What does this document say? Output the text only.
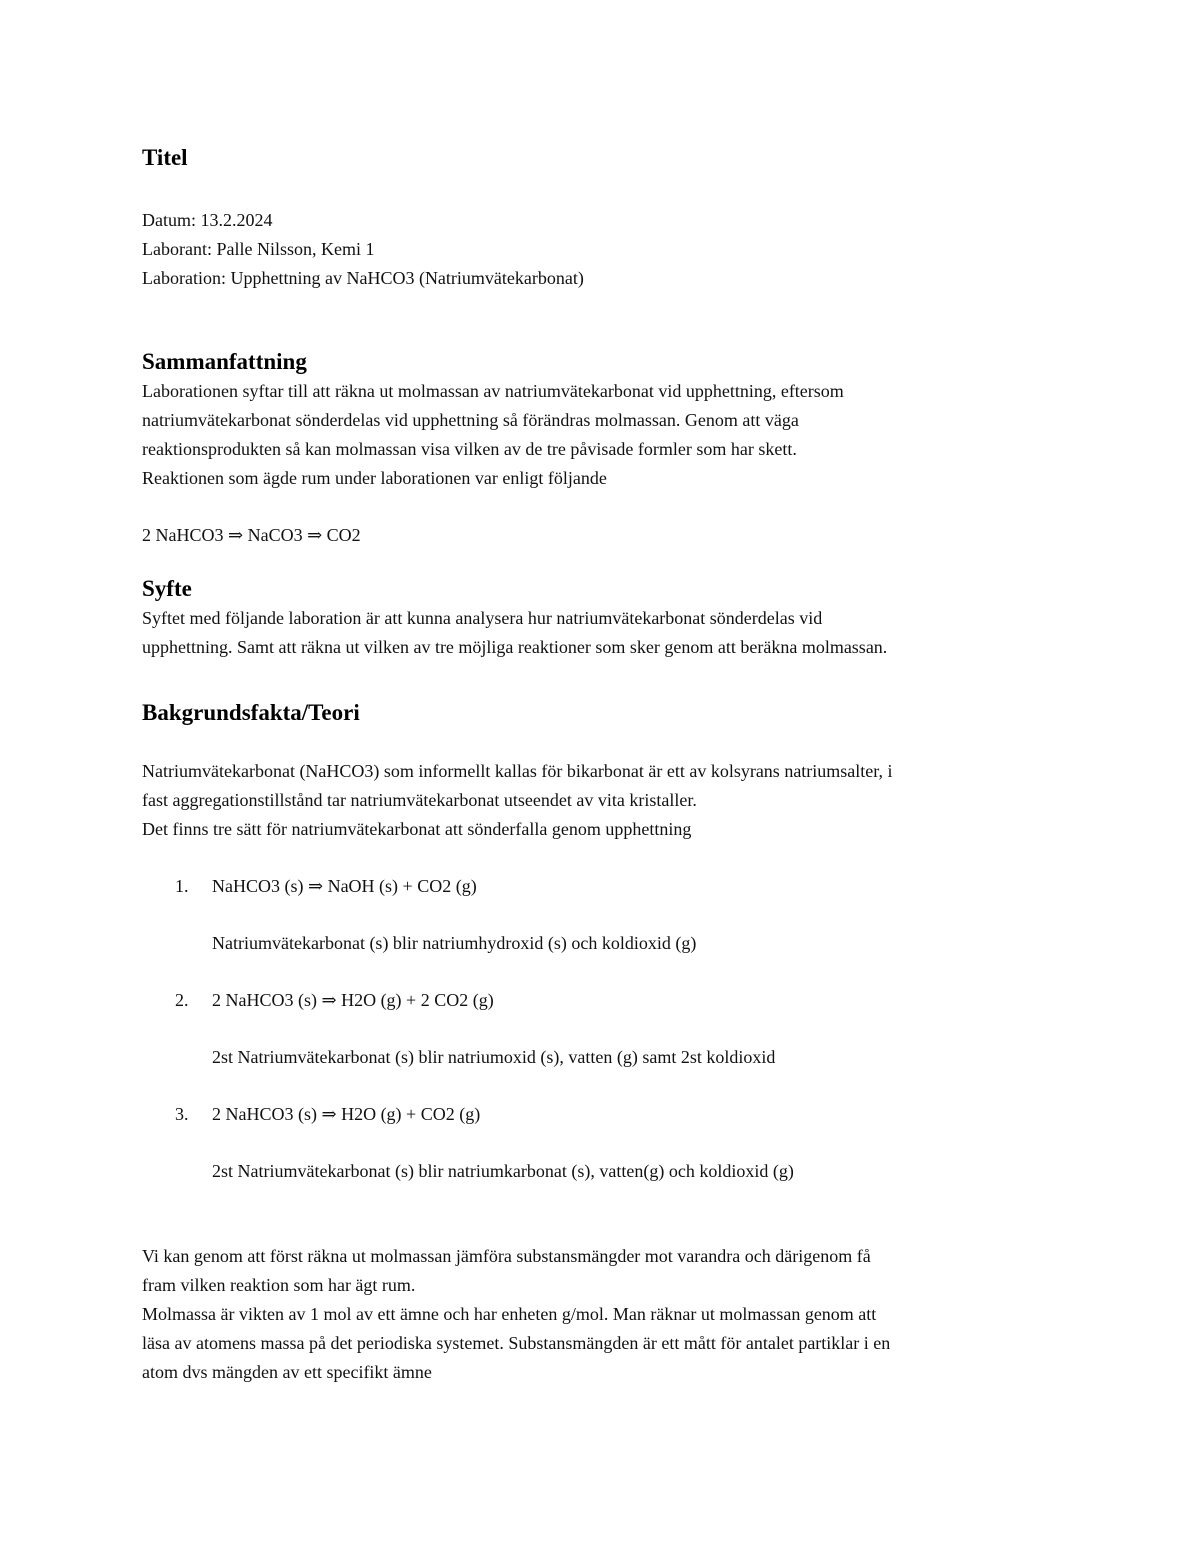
Titel

Datum: 13.2.2024

Laborant: Palle Nilsson, Kemi 1

Laboration: Upphettning av NaHCO3 (Natriumvätekarbonat)

Sammanfattning

Laborationen syftar till att räkna ut molmassan av natriumvätekarbonat vid upphettning, eftersom

natriumvätekarbonat sönderdelas vid upphettning så förändras molmassan. Genom att väga

reaktionsprodukten så kan molmassan visa vilken av de tre påvisade formler som har skett.

Reaktionen som ägde rum under laborationen var enligt följande

2 NaHCO3 ⇒ NaCO3 ⇒ CO2

Syfte

Syftet med följande laboration är att kunna analysera hur natriumvätekarbonat sönderdelas vid

upphettning. Samt att räkna ut vilken av tre möjliga reaktioner som sker genom att beräkna molmassan.

Bakgrundsfakta/Teori

Natriumvätekarbonat (NaHCO3) som informellt kallas för bikarbonat är ett av kolsyrans natriumsalter, i

fast aggregationstillstånd tar natriumvätekarbonat utseendet av vita kristaller.

Det finns tre sätt för natriumvätekarbonat att sönderfalla genom upphettning

1. NaHCO3 (s) ⇒ NaOH (s) + CO2 (g)

Natriumvätekarbonat (s) blir natriumhydroxid (s) och koldioxid (g)

2. 2 NaHCO3 (s) ⇒ H2O (g) + 2 CO2 (g)

2st Natriumvätekarbonat (s) blir natriumoxid (s), vatten (g) samt 2st koldioxid

3. 2 NaHCO3 (s) ⇒ H2O (g) + CO2 (g)

2st Natriumvätekarbonat (s) blir natriumkarbonat (s), vatten(g) och koldioxid (g)

Vi kan genom att först räkna ut molmassan jämföra substansmängder mot varandra och därigenom få

fram vilken reaktion som har ägt rum.

Molmassa är vikten av 1 mol av ett ämne och har enheten g/mol. Man räknar ut molmassan genom att

läsa av atomens massa på det periodiska systemet. Substansmängden är ett mått för antalet partiklar i en

atom dvs mängden av ett specifikt ämne
